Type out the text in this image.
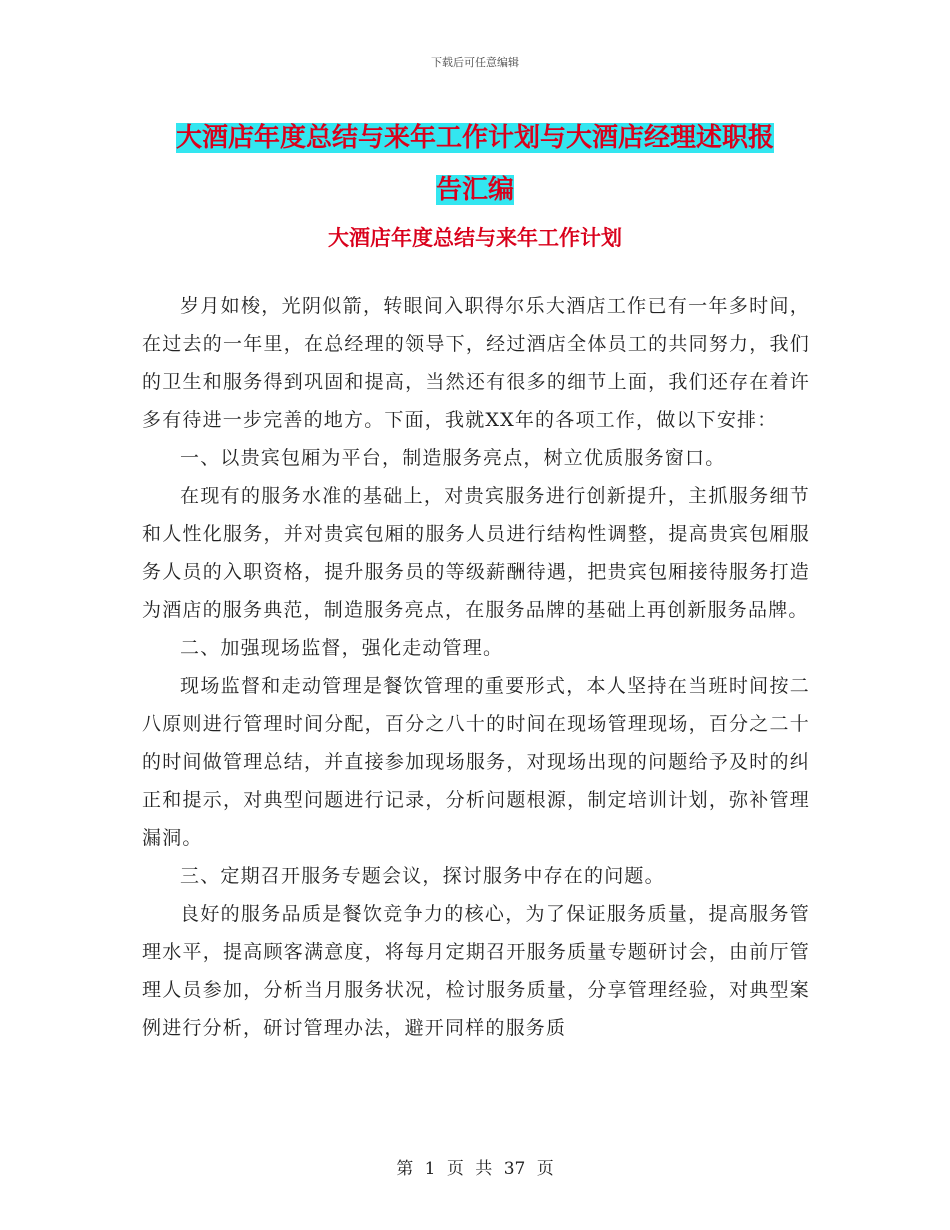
下载后可任意编辑
大酒店年度总结与来年工作计划与大酒店经理述职报
告汇编
大酒店年度总结与来年工作计划

岁月如梭，光阴似箭，转眼间入职得尔乐大酒店工作已有一年多时间，在过去的一年里，在总经理的领导下，经过酒店全体员工的共同努力，我们的卫生和服务得到巩固和提高，当然还有很多的细节上面，我们还存在着许多有待进一步完善的地方。下面，我就XX年的各项工作，做以下安排：

一、以贵宾包厢为平台，制造服务亮点，树立优质服务窗口。

在现有的服务水准的基础上，对贵宾服务进行创新提升，主抓服务细节和人性化服务，并对贵宾包厢的服务人员进行结构性调整，提高贵宾包厢服务人员的入职资格，提升服务员的等级薪酬待遇，把贵宾包厢接待服务打造为酒店的服务典范，制造服务亮点，在服务品牌的基础上再创新服务品牌。

二、加强现场监督，强化走动管理。

现场监督和走动管理是餐饮管理的重要形式，本人坚持在当班时间按二八原则进行管理时间分配，百分之八十的时间在现场管理现场，百分之二十的时间做管理总结，并直接参加现场服务，对现场出现的问题给予及时的纠正和提示，对典型问题进行记录，分析问题根源，制定培训计划，弥补管理漏洞。

三、定期召开服务专题会议，探讨服务中存在的问题。

良好的服务品质是餐饮竞争力的核心，为了保证服务质量，提高服务管理水平，提高顾客满意度，将每月定期召开服务质量专题研讨会，由前厅管理人员参加，分析当月服务状况，检讨服务质量，分享管理经验，对典型案例进行分析，研讨管理办法，避开同样的服务质

第 1 页 共 37 页
